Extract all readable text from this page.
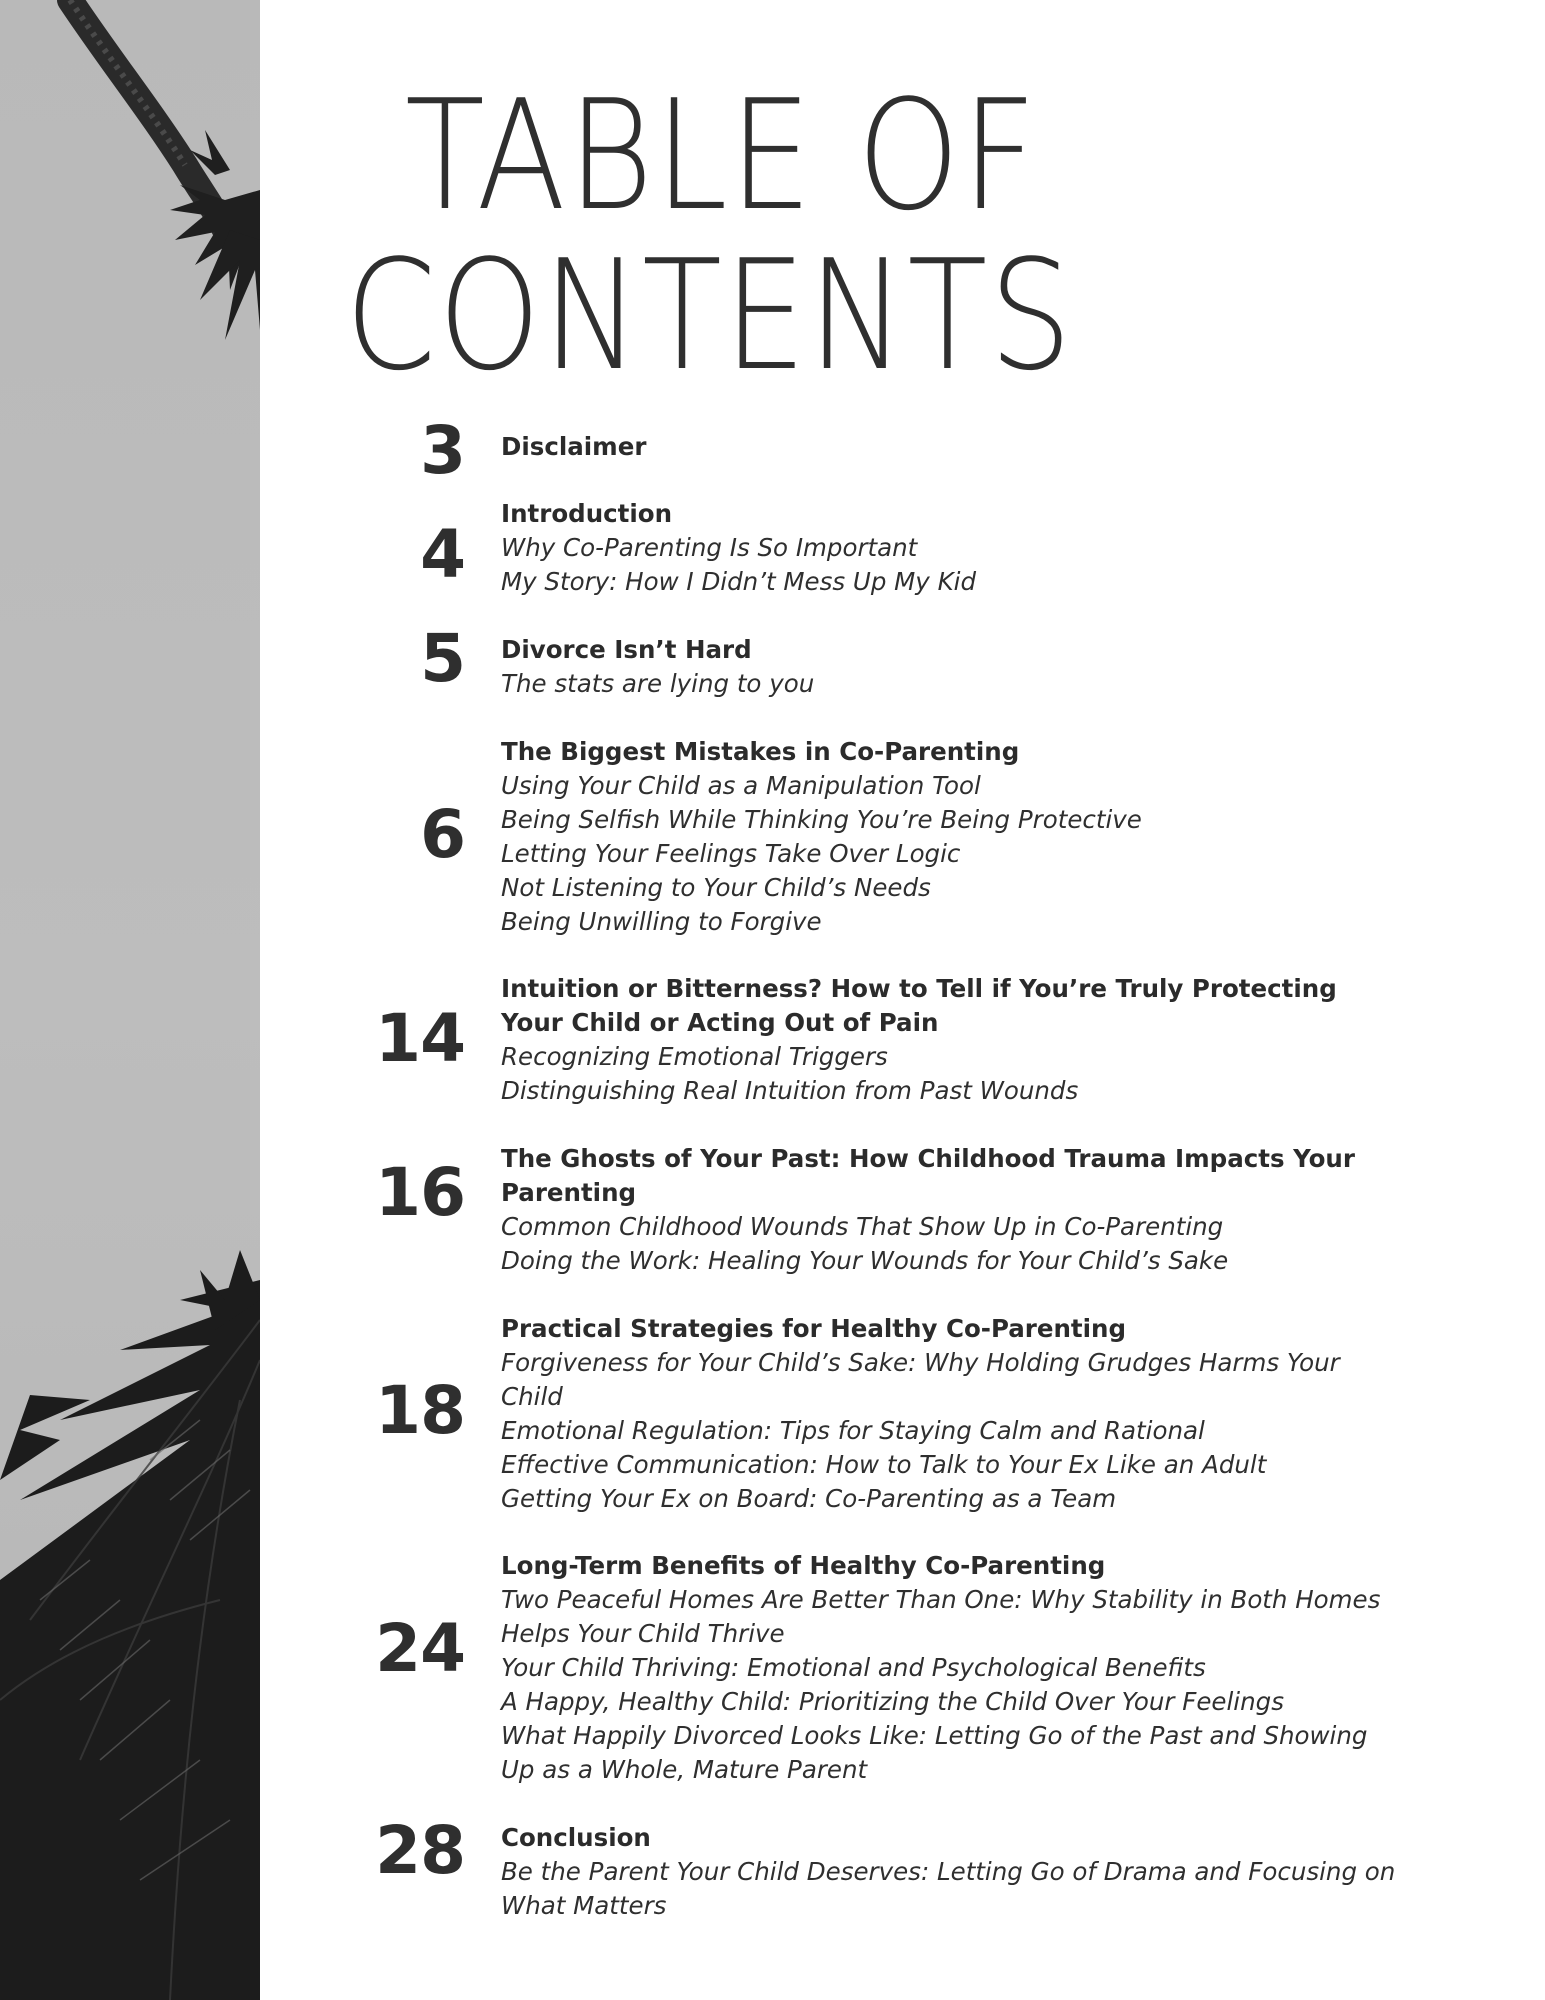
TABLE OF
CONTENTS
3 Disclaimer
4
Introduction
Why Co-Parenting Is So Important
My Story: How I Didn’t Mess Up My Kid
5 Divorce Isn’t Hard
The stats are lying to you
6
The Biggest Mistakes in Co-Parenting
Using Your Child as a Manipulation Tool
Being Selfish While Thinking You’re Being Protective
Letting Your Feelings Take Over Logic
Not Listening to Your Child’s Needs
Being Unwilling to Forgive
14
Intuition or Bitterness? How to Tell if You’re Truly Protecting Your Child or Acting Out of Pain
Recognizing Emotional Triggers
Distinguishing Real Intuition from Past Wounds
16 The Ghosts of Your Past: How Childhood Trauma Impacts Your Parenting
Common Childhood Wounds That Show Up in Co-Parenting
Doing the Work: Healing Your Wounds for Your Child’s Sake
18
Practical Strategies for Healthy Co-Parenting
Forgiveness for Your Child’s Sake: Why Holding Grudges Harms Your Child
Emotional Regulation: Tips for Staying Calm and Rational
Effective Communication: How to Talk to Your Ex Like an Adult
Getting Your Ex on Board: Co-Parenting as a Team
24
Long-Term Benefits of Healthy Co-Parenting
Two Peaceful Homes Are Better Than One: Why Stability in Both Homes Helps Your Child Thrive
Your Child Thriving: Emotional and Psychological Benefits
A Happy, Healthy Child: Prioritizing the Child Over Your Feelings
What Happily Divorced Looks Like: Letting Go of the Past and Showing Up as a Whole, Mature Parent
28 Conclusion
Be the Parent Your Child Deserves: Letting Go of Drama and Focusing on What Matters
